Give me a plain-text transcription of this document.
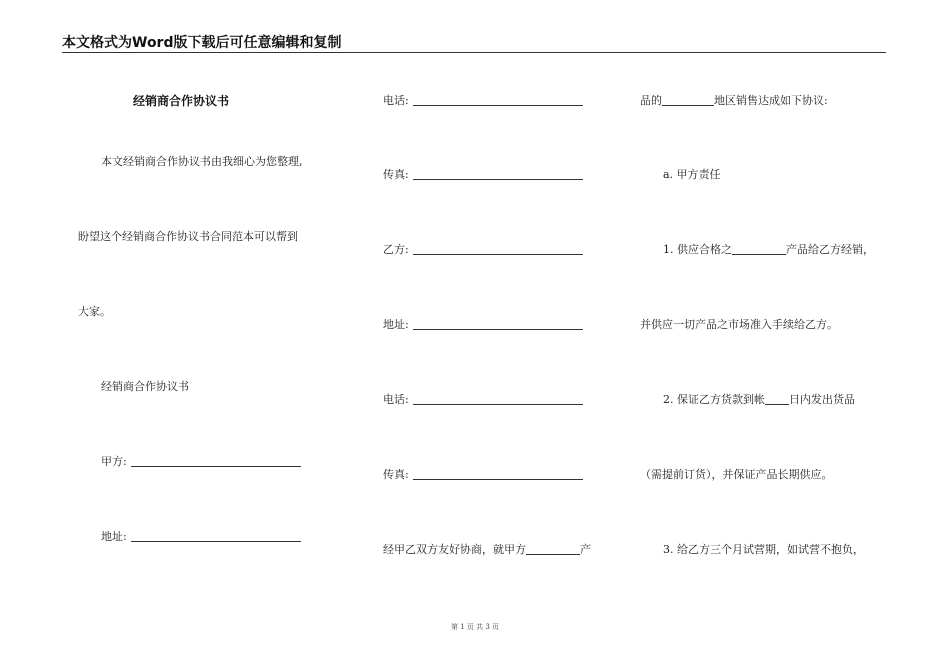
本文格式为Word版下载后可任意编辑和复制
经销商合作协议书
本文经销商合作协议书由我细心为您整理,
盼望这个经销商合作协议书合同范本可以帮到
大家。
经销商合作协议书
甲方:
地址:
电话:
传真:
乙方:
地址:
电话:
传真:
经甲乙双方友好协商，就甲方	产
品的	地区销售达成如下协议:
a. 甲方责任
1. 供应合格之	产品给乙方经销，
并供应一切产品之市场准入手续给乙方。
2. 保证乙方货款到帐 日内发出货品
（需提前订货），并保证产品长期供应。
3. 给乙方三个月试营期，如试营不抱负，
第 1 页 共 3 页
